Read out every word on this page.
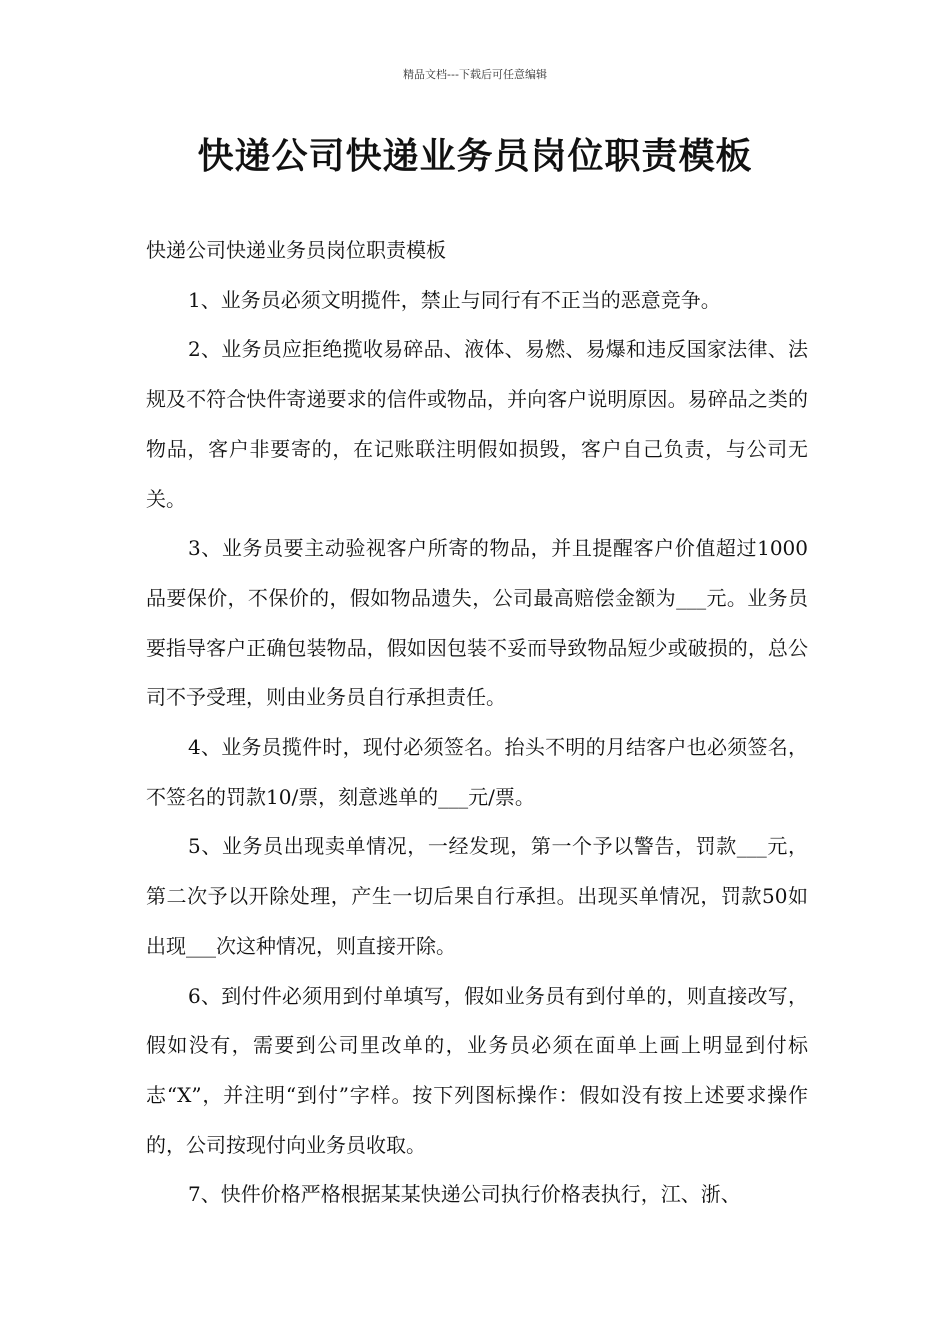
精品文档---下载后可任意编辑
快递公司快递业务员岗位职责模板

快递公司快递业务员岗位职责模板

1、业务员必须文明揽件，禁止与同行有不正当的恶意竞争。

2、业务员应拒绝揽收易碎品、液体、易燃、易爆和违反国家法律、法规及不符合快件寄递要求的信件或物品，并向客户说明原因。易碎品之类的物品，客户非要寄的，在记账联注明假如损毁，客户自己负责，与公司无关。

3、业务员要主动验视客户所寄的物品，并且提醒客户价值超过1000品要保价，不保价的，假如物品遗失，公司最高赔偿金额为___元。业务员要指导客户正确包装物品，假如因包装不妥而导致物品短少或破损的，总公司不予受理，则由业务员自行承担责任。

4、业务员揽件时，现付必须签名。抬头不明的月结客户也必须签名，不签名的罚款10/票，刻意逃单的___元/票。

5、业务员出现卖单情况，一经发现，第一个予以警告，罚款___元，第二次予以开除处理，产生一切后果自行承担。出现买单情况，罚款50如出现___次这种情况，则直接开除。

6、到付件必须用到付单填写，假如业务员有到付单的，则直接改写，假如没有，需要到公司里改单的，业务员必须在面单上画上明显到付标志“X”，并注明“到付”字样。按下列图标操作：假如没有按上述要求操作的，公司按现付向业务员收取。

7、快件价格严格根据某某快递公司执行价格表执行，江、浙、
